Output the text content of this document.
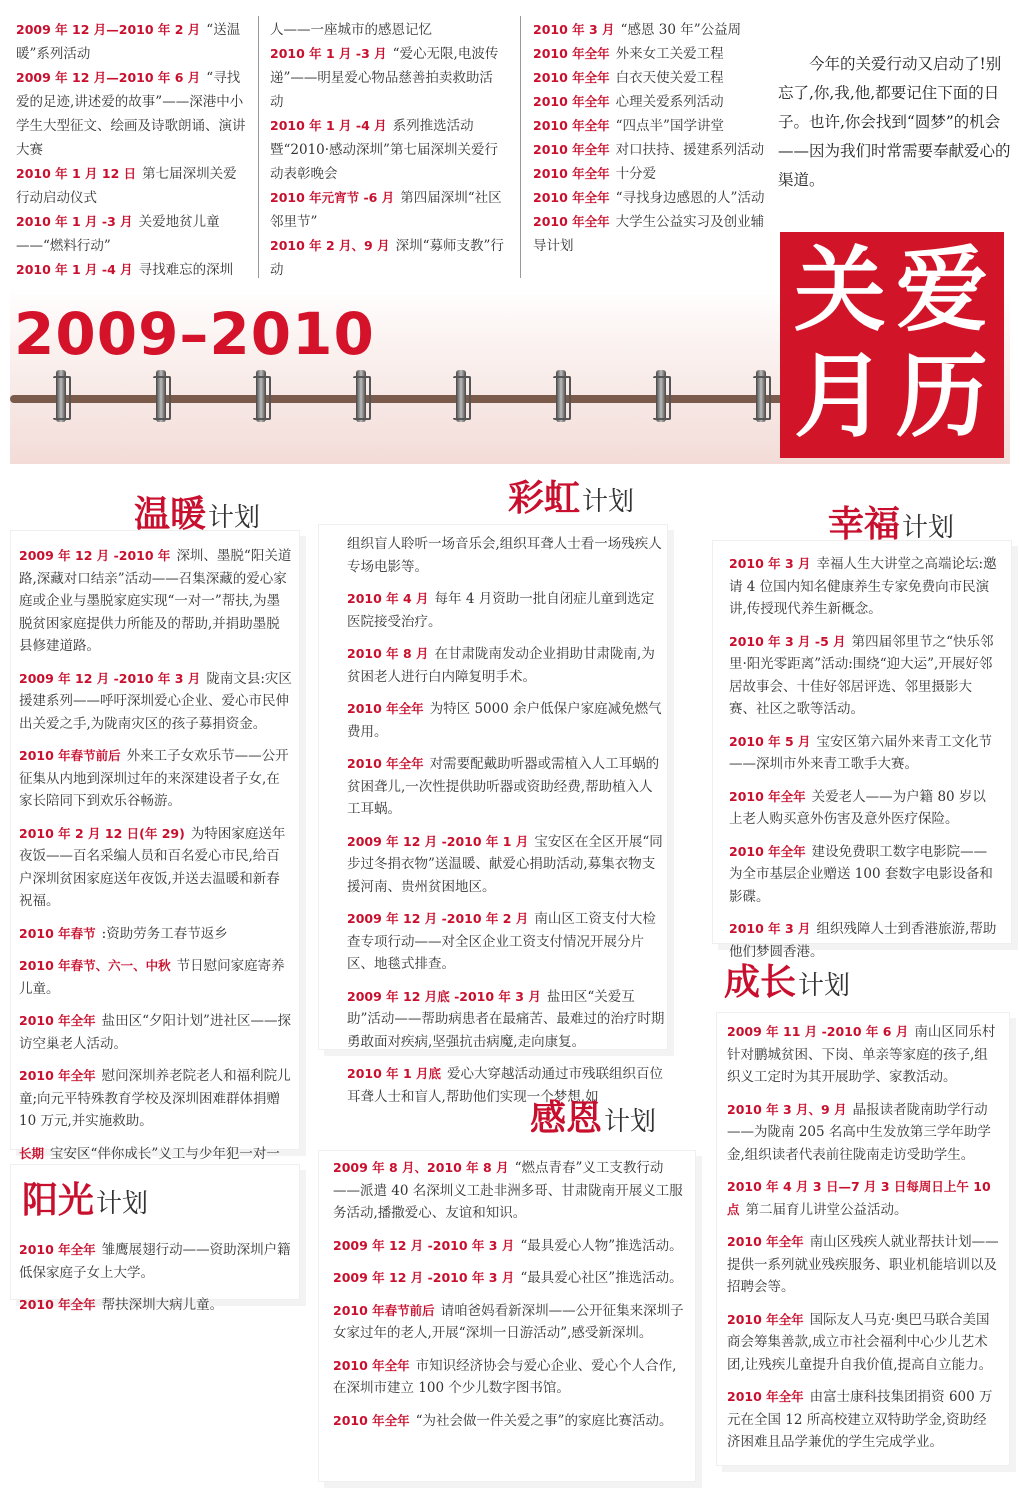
2009 年 12 月—2010 年 2 月 “送温暖”系列活动

2009 年 12 月—2010 年 6 月 “寻找爱的足迹,讲述爱的故事”——深港中小学生大型征文、绘画及诗歌朗诵、演讲大赛

2010 年 1 月 12 日 第七届深圳关爱行动启动仪式

2010 年 1 月 -3 月 关爱地贫儿童——“燃料行动”

2010 年 1 月 -4 月 寻找难忘的深圳

人——一座城市的感恩记忆

2010 年 1 月 -3 月 “爱心无限,电波传递”——明星爱心物品慈善拍卖救助活动

2010 年 1 月 -4 月 系列推选活动暨“2010·感动深圳”第七届深圳关爱行动表彰晚会

2010 年元宵节 -6 月 第四届深圳“社区邻里节”

2010 年 2 月、9 月 深圳“募师支教”行动

2010 年 3 月 “感恩 30 年”公益周

2010 年全年 外来女工关爱工程

2010 年全年 白衣天使关爱工程

2010 年全年 心理关爱系列活动

2010 年全年 “四点半”国学讲堂

2010 年全年 对口扶持、援建系列活动

2010 年全年 十分爱

2010 年全年 “寻找身边感恩的人”活动

2010 年全年 大学生公益实习及创业辅导计划

今年的关爱行动又启动了!别忘了,你,我,他,都要记住下面的日子。也许,你会找到“圆梦”的机会——因为我们时常需要奉献爱心的渠道。

2009–2010	关 爱
月 历

2009 年 12 月 -2010 年 深圳、墨脱“阳关道路,深藏对口结亲”活动——召集深藏的爱心家庭或企业与墨脱家庭实现“一对一”帮扶,为墨脱贫困家庭提供力所能及的帮助,并捐助墨脱县修建道路。

2009 年 12 月 -2010 年 3 月 陇南文县:灾区援建系列——呼吁深圳爱心企业、爱心市民伸出关爱之手,为陇南灾区的孩子募捐资金。

2010 年春节前后 外来工子女欢乐节——公开征集从内地到深圳过年的来深建设者子女,在家长陪同下到欢乐谷畅游。

2010 年 2 月 12 日(年 29) 为特困家庭送年夜饭——百名采编人员和百名爱心市民,给百户深圳贫困家庭送年夜饭,并送去温暖和新春祝福。

2010 年春节 :资助劳务工春节返乡

2010 年春节、六一、中秋 节日慰问家庭寄养儿童。

2010 年全年 盐田区“夕阳计划”进社区——探访空巢老人活动。

2010 年全年 慰问深圳养老院老人和福利院儿童;向元平特殊教育学校及深圳困难群体捐赠 10 万元,并实施救助。

长期 宝安区“伴你成长”义工与少年犯一对一

温暖计划

组织盲人聆听一场音乐会,组织耳聋人士看一场残疾人专场电影等。

2010 年 4 月 每年 4 月资助一批自闭症儿童到选定医院接受治疗。

2010 年 8 月 在甘肃陇南发动企业捐助甘肃陇南,为贫困老人进行白内障复明手术。

2010 年全年 为特区 5000 余户低保户家庭减免燃气费用。

2010 年全年 对需要配戴助听器或需植入人工耳蜗的贫困聋儿,一次性提供助听器或资助经费,帮助植入人工耳蜗。

2009 年 12 月 -2010 年 1 月 宝安区在全区开展“同步过冬捐衣物”送温暖、献爱心捐助活动,募集衣物支援河南、贵州贫困地区。

2009 年 12 月 -2010 年 2 月 南山区工资支付大检查专项行动——对全区企业工资支付情况开展分片区、地毯式排查。

2009 年 12 月底 -2010 年 3 月 盐田区“关爱互助”活动——帮助病患者在最痛苦、最难过的治疗时期勇敢面对疾病,坚强抗击病魔,走向康复。

2010 年 1 月底 爱心大穿越活动通过市残联组织百位耳聋人士和盲人,帮助他们实现一个梦想,如

彩虹计划

2010 年 3 月 幸福人生大讲堂之高端论坛:邀请 4 位国内知名健康养生专家免费向市民演讲,传授现代养生新概念。

2010 年 3 月 -5 月 第四届邻里节之“快乐邻里·阳光零距离”活动:围绕“迎大运”,开展好邻居故事会、十佳好邻居评选、邻里摄影大赛、社区之歌等活动。

2010 年 5 月 宝安区第六届外来青工文化节——深圳市外来青工歌手大赛。

2010 年全年 关爱老人——为户籍 80 岁以上老人购买意外伤害及意外医疗保险。

2010 年全年 建设免费职工数字电影院——为全市基层企业赠送 100 套数字电影设备和影碟。

2010 年 3 月 组织残障人士到香港旅游,帮助他们梦圆香港。

幸福计划

2009 年 11 月 -2010 年 6 月 南山区同乐村针对鹏城贫困、下岗、单亲等家庭的孩子,组织义工定时为其开展助学、家教活动。

2010 年 3 月、9 月 晶报读者陇南助学行动——为陇南 205 名高中生发放第三学年助学金,组织读者代表前往陇南走访受助学生。

2010 年 4 月 3 日—7 月 3 日每周日上午 10 点 第二届育儿讲堂公益活动。

2010 年全年 南山区残疾人就业帮扶计划——提供一系列就业残疾服务、职业机能培训以及招聘会等。

2010 年全年 国际友人马克·奥巴马联合美国商会筹集善款,成立市社会福利中心少儿艺术团,让残疾儿童提升自我价值,提高自立能力。

2010 年全年 由富士康科技集团捐资 600 万元在全国 12 所高校建立双特助学金,资助经济困难且品学兼优的学生完成学业。

成长计划

2009 年 8 月、2010 年 8 月 “燃点青春”义工支教行动——派遣 40 名深圳义工赴非洲多哥、甘肃陇南开展义工服务活动,播撒爱心、友谊和知识。

2009 年 12 月 -2010 年 3 月 “最具爱心人物”推选活动。

2009 年 12 月 -2010 年 3 月 “最具爱心社区”推选活动。

2010 年春节前后 请咱爸妈看新深圳——公开征集来深圳子女家过年的老人,开展“深圳一日游活动”,感受新深圳。

2010 年全年 市知识经济协会与爱心企业、爱心个人合作,在深圳市建立 100 个少儿数字图书馆。

2010 年全年 “为社会做一件关爱之事”的家庭比赛活动。

感恩计划

2010 年全年 雏鹰展翅行动——资助深圳户籍低保家庭子女上大学。

2010 年全年 帮扶深圳大病儿童。

阳光计划
